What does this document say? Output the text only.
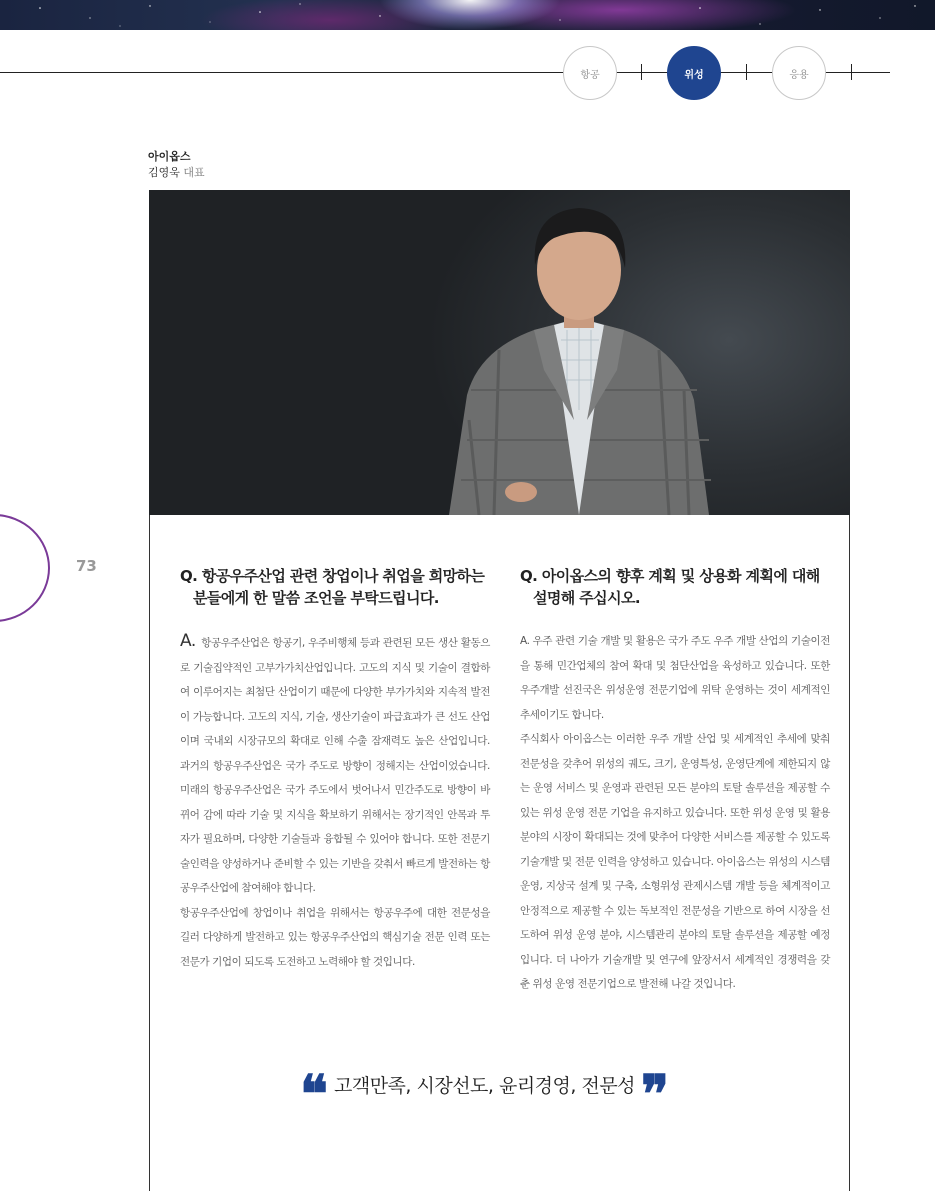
항공	위성	응용
아이옵스
김영욱 대표
73
Q. 항공우주산업 관련 창업이나 취업을 희망하는 분들에게 한 말씀 조언을 부탁드립니다.

A. 항공우주산업은 항공기, 우주비행체 등과 관련된 모든 생산 활동으로 기술집약적인 고부가가치산업입니다. 고도의 지식 및 기술이 결합하여 이루어지는 최첨단 산업이기 때문에 다양한 부가가치와 지속적 발전이 가능합니다. 고도의 지식, 기술, 생산기술이 파급효과가 큰 선도 산업이며 국내외 시장규모의 확대로 인해 수출 잠재력도 높은 산업입니다. 과거의 항공우주산업은 국가 주도로 방향이 정해지는 산업이었습니다. 미래의 항공우주산업은 국가 주도에서 벗어나서 민간주도로 방향이 바뀌어 감에 따라 기술 및 지식을 확보하기 위해서는 장기적인 안목과 투자가 필요하며, 다양한 기술들과 융합될 수 있어야 합니다. 또한 전문기술인력을 양성하거나 준비할 수 있는 기반을 갖춰서 빠르게 발전하는 항공우주산업에 참여해야 합니다.

항공우주산업에 창업이나 취업을 위해서는 항공우주에 대한 전문성을 길러 다양하게 발전하고 있는 항공우주산업의 핵심기술 전문 인력 또는 전문가 기업이 되도록 도전하고 노력해야 할 것입니다.

Q. 아이옵스의 향후 계획 및 상용화 계획에 대해 설명해 주십시오.

A. 우주 관련 기술 개발 및 활용은 국가 주도 우주 개발 산업의 기술이전을 통해 민간업체의 참여 확대 및 첨단산업을 육성하고 있습니다. 또한 우주개발 선진국은 위성운영 전문기업에 위탁 운영하는 것이 세계적인 추세이기도 합니다.

주식회사 아이옵스는 이러한 우주 개발 산업 및 세계적인 추세에 맞춰 전문성을 갖추어 위성의 궤도, 크기, 운영특성, 운영단계에 제한되지 않는 운영 서비스 및 운영과 관련된 모든 분야의 토탈 솔루션을 제공할 수 있는 위성 운영 전문 기업을 유지하고 있습니다. 또한 위성 운영 및 활용 분야의 시장이 확대되는 것에 맞추어 다양한 서비스를 제공할 수 있도록 기술개발 및 전문 인력을 양성하고 있습니다. 아이옵스는 위성의 시스템 운영, 지상국 설계 및 구축, 소형위성 관제시스템 개발 등을 체계적이고 안정적으로 제공할 수 있는 독보적인 전문성을 기반으로 하여 시장을 선도하여 위성 운영 분야, 시스템관리 분야의 토탈 솔루션을 제공할 예정입니다. 더 나아가 기술개발 및 연구에 앞장서서 세계적인 경쟁력을 갖춘 위성 운영 전문기업으로 발전해 나갈 것입니다.

❝ 고객만족, 시장선도, 윤리경영, 전문성 ❞
